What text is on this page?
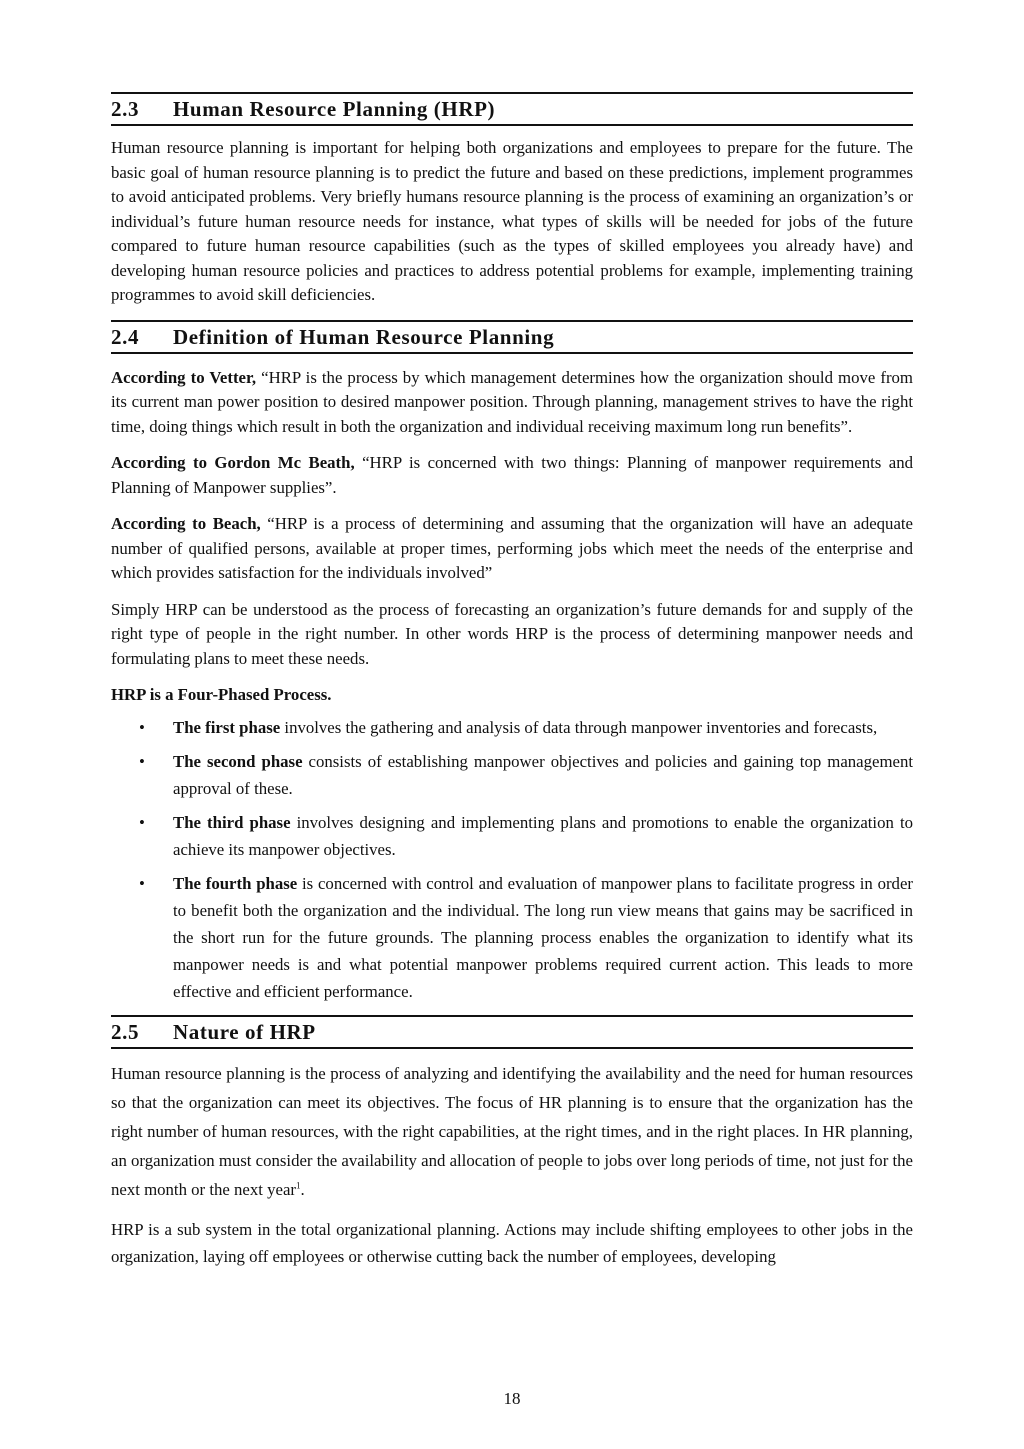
2.3	Human Resource Planning (HRP)

Human resource planning is important for helping both organizations and employees to prepare for the future. The basic goal of human resource planning is to predict the future and based on these predictions, implement programmes to avoid anticipated problems. Very briefly humans resource planning is the process of examining an organization’s or individual’s future human resource needs for instance, what types of skills will be needed for jobs of the future compared to future human resource capabilities (such as the types of skilled employees you already have) and developing human resource policies and practices to address potential problems for example, implementing training programmes to avoid skill deficiencies.

2.4	Definition of Human Resource Planning

According to Vetter, “HRP is the process by which management determines how the organization should move from its current man power position to desired manpower position. Through planning, management strives to have the right time, doing things which result in both the organization and individual receiving maximum long run benefits”.

According to Gordon Mc Beath, “HRP is concerned with two things: Planning of manpower requirements and Planning of Manpower supplies”.

According to Beach, “HRP is a process of determining and assuming that the organization will have an adequate number of qualified persons, available at proper times, performing jobs which meet the needs of the enterprise and which provides satisfaction for the individuals involved”

Simply HRP can be understood as the process of forecasting an organization’s future demands for and supply of the right type of people in the right number. In other words HRP is the process of determining manpower needs and formulating plans to meet these needs.

HRP is a Four-Phased Process.

• The first phase involves the gathering and analysis of data through manpower inventories and forecasts,
• The second phase consists of establishing manpower objectives and policies and gaining top management approval of these.
• The third phase involves designing and implementing plans and promotions to enable the organization to achieve its manpower objectives.
• The fourth phase is concerned with control and evaluation of manpower plans to facilitate progress in order to benefit both the organization and the individual. The long run view means that gains may be sacrificed in the short run for the future grounds. The planning process enables the organization to identify what its manpower needs is and what potential manpower problems required current action. This leads to more effective and efficient performance.
2.5	Nature of HRP

Human resource planning is the process of analyzing and identifying the availability and the need for human resources so that the organization can meet its objectives. The focus of HR planning is to ensure that the organization has the right number of human resources, with the right capabilities, at the right times, and in the right places. In HR planning, an organization must consider the availability and allocation of people to jobs over long periods of time, not just for the next month or the next year$^1$.

HRP is a sub system in the total organizational planning. Actions may include shifting employees to other jobs in the organization, laying off employees or otherwise cutting back the number of employees, developing

18
